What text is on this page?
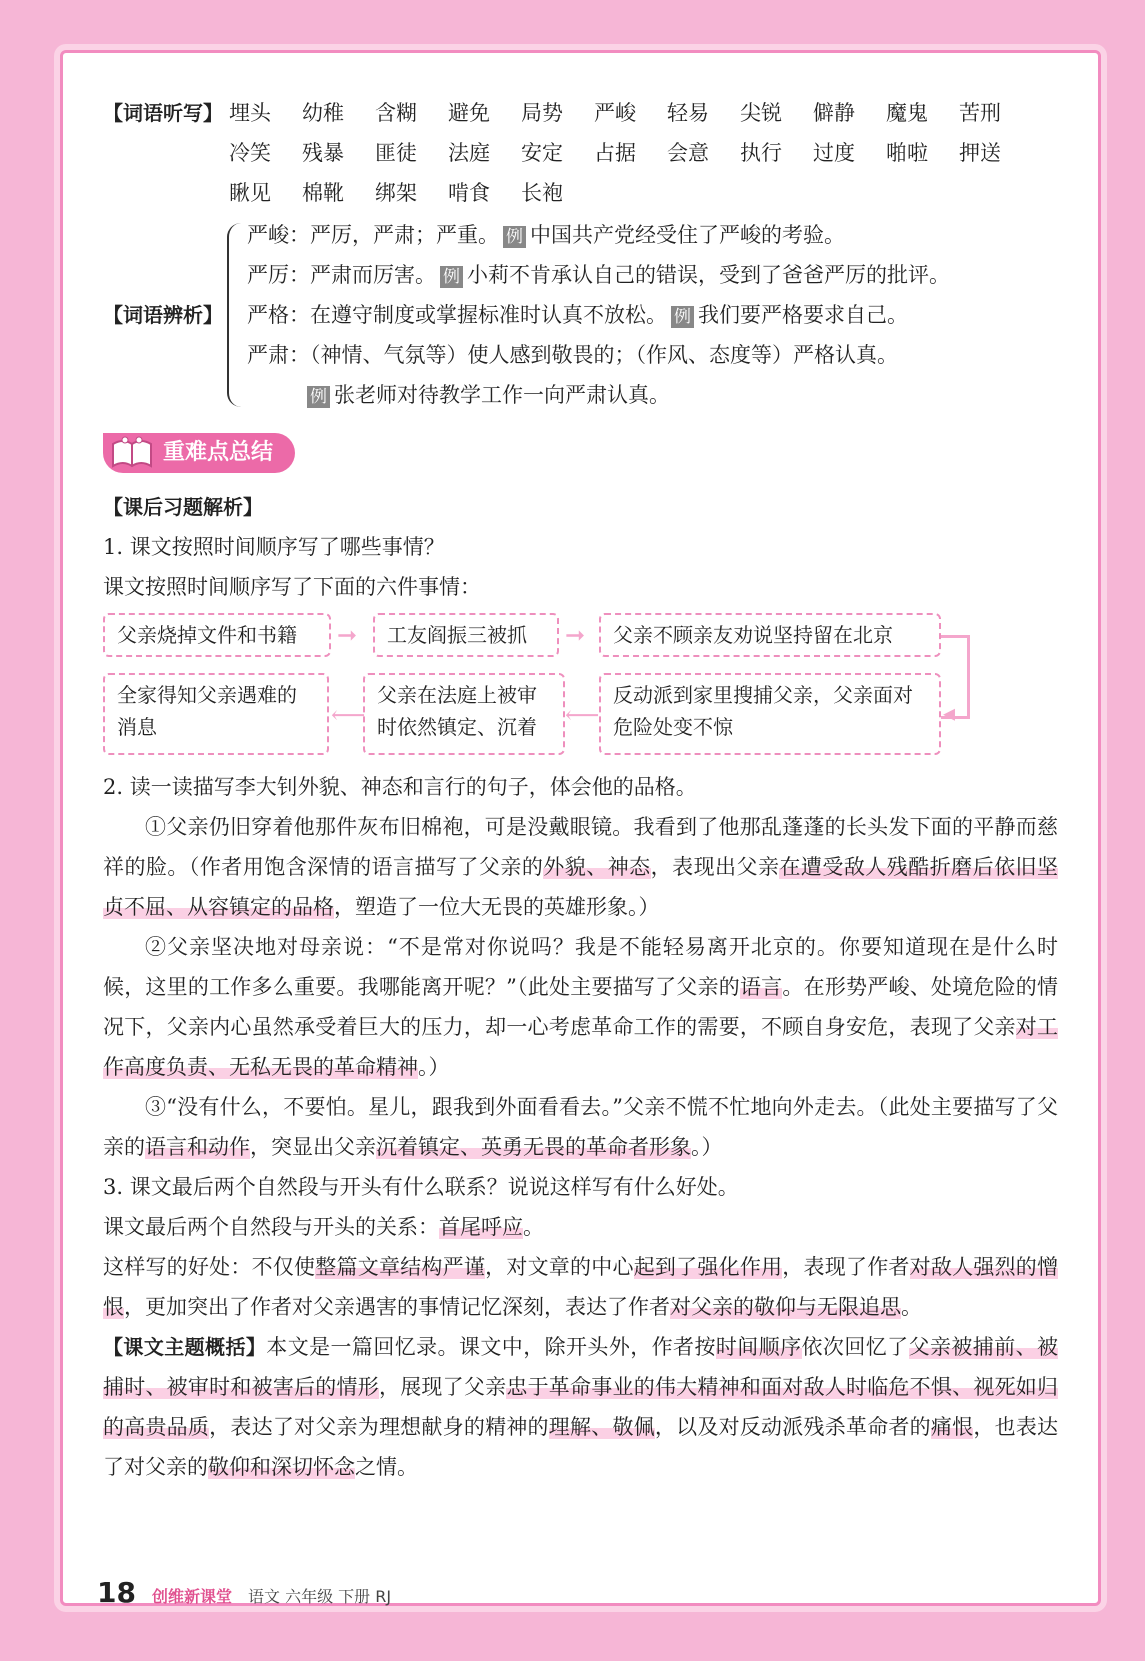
【词语听写】 埋头	幼稚	含糊	避免	局势	严峻	轻易	尖锐	僻静	魔鬼	苦刑
冷笑	残暴	匪徒	法庭	安定	占据	会意	执行	过度	啪啦	押送
瞅见	棉靴	绑架	啃食	长袍
【词语辨析】
严峻：严厉，严肃；严重。 例 中国共产党经受住了严峻的考验。
严厉：严肃而厉害。 例 小莉不肯承认自己的错误，受到了爸爸严厉的批评。
严格：在遵守制度或掌握标准时认真不放松。 例 我们要严格要求自己。
严肃：（神情、气氛等）使人感到敬畏的；（作风、态度等）严格认真。
例 张老师对待教学工作一向严肃认真。
重难点总结
【课后习题解析】
1. 课文按照时间顺序写了哪些事情？
课文按照时间顺序写了下面的六件事情：
父亲烧掉文件和书籍	➞	工友阎振三被抓	➞	父亲不顾亲友劝说坚持留在北京
◂
反动派到家里搜捕父亲，父亲面对危险处变不惊
⟵
父亲在法庭上被审时依然镇定、沉着
⟵
全家得知父亲遇难的消息
2. 读一读描写李大钊外貌、神态和言行的句子，体会他的品格。
①父亲仍旧穿着他那件灰布旧棉袍，可是没戴眼镜。我看到了他那乱蓬蓬的长头发下面的平静而慈祥的脸。（作者用饱含深情的语言描写了父亲的外貌、神态，表现出父亲在遭受敌人残酷折磨后依旧坚贞不屈、从容镇定的品格，塑造了一位大无畏的英雄形象。）
②父亲坚决地对母亲说：“不是常对你说吗？我是不能轻易离开北京的。你要知道现在是什么时候，这里的工作多么重要。我哪能离开呢？”（此处主要描写了父亲的语言。在形势严峻、处境危险的情况下，父亲内心虽然承受着巨大的压力，却一心考虑革命工作的需要，不顾自身安危，表现了父亲对工作高度负责、无私无畏的革命精神。）
③“没有什么，不要怕。星儿，跟我到外面看看去。”父亲不慌不忙地向外走去。（此处主要描写了父亲的语言和动作，突显出父亲沉着镇定、英勇无畏的革命者形象。）
3. 课文最后两个自然段与开头有什么联系？说说这样写有什么好处。
课文最后两个自然段与开头的关系：首尾呼应。
这样写的好处：不仅使整篇文章结构严谨，对文章的中心起到了强化作用，表现了作者对敌人强烈的憎恨，更加突出了作者对父亲遇害的事情记忆深刻，表达了作者对父亲的敬仰与无限追思。
【课文主题概括】本文是一篇回忆录。课文中，除开头外，作者按时间顺序依次回忆了父亲被捕前、被捕时、被审时和被害后的情形，展现了父亲忠于革命事业的伟大精神和面对敌人时临危不惧、视死如归的高贵品质，表达了对父亲为理想献身的精神的理解、敬佩，以及对反动派残杀革命者的痛恨，也表达了对父亲的敬仰和深切怀念之情。
18 创维新课堂 语文 六年级 下册 RJ
